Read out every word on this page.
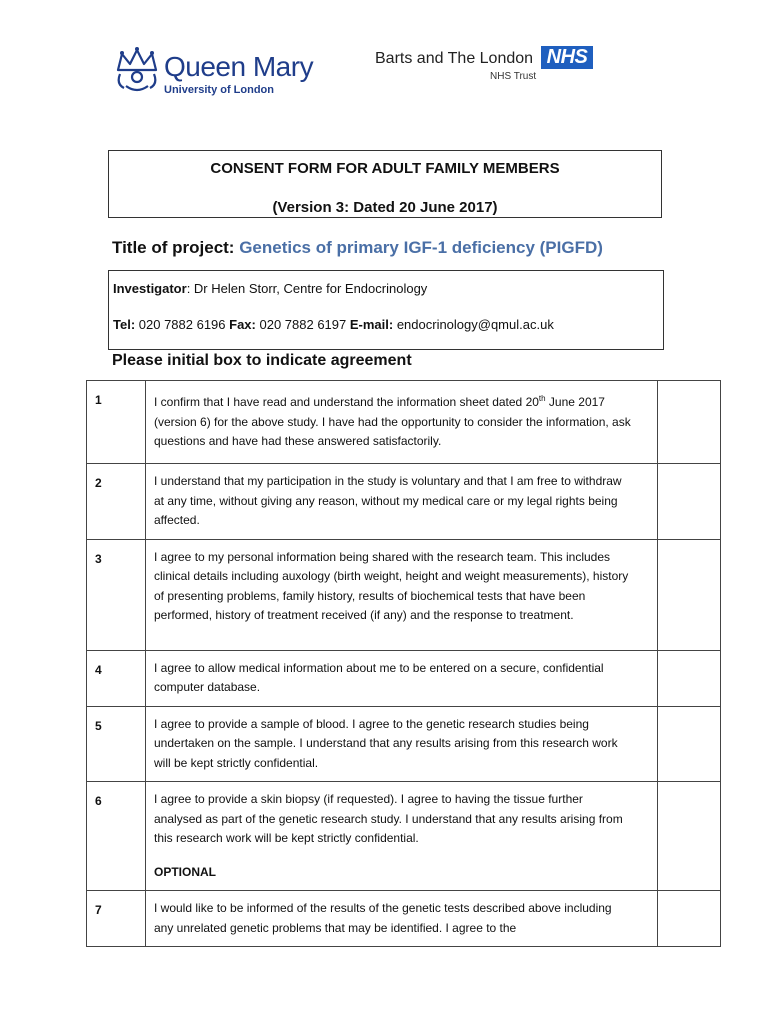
Queen Mary
University of London
Barts and The London NHS
NHS Trust
CONSENT FORM FOR ADULT FAMILY MEMBERS
(Version 3: Dated 20 June 2017)
Title of project: Genetics of primary IGF-1 deficiency (PIGFD)
Investigator: Dr Helen Storr, Centre for Endocrinology
Tel: 020 7882 6196 Fax: 020 7882 6197 E-mail: endocrinology@qmul.ac.uk
Please initial box to indicate agreement
1	I confirm that I have read and understand the information sheet dated 20th June 2017 (version 6) for the above study. I have had the opportunity to consider the information, ask questions and have had these answered satisfactorily.	
2	I understand that my participation in the study is voluntary and that I am free to withdraw at any time, without giving any reason, without my medical care or my legal rights being affected.	
3	I agree to my personal information being shared with the research team. This includes clinical details including auxology (birth weight, height and weight measurements), history of presenting problems, family history, results of biochemical tests that have been performed, history of treatment received (if any) and the response to treatment.	
4	I agree to allow medical information about me to be entered on a secure, confidential computer database.	
5	I agree to provide a sample of blood. I agree to the genetic research studies being undertaken on the sample. I understand that any results arising from this research work will be kept strictly confidential.	
6	I agree to provide a skin biopsy (if requested). I agree to having the tissue further analysed as part of the genetic research study. I understand that any results arising from this research work will be kept strictly confidential.
OPTIONAL	

7	I would like to be informed of the results of the genetic tests described above including any unrelated genetic problems that may be identified. I agree to the	
